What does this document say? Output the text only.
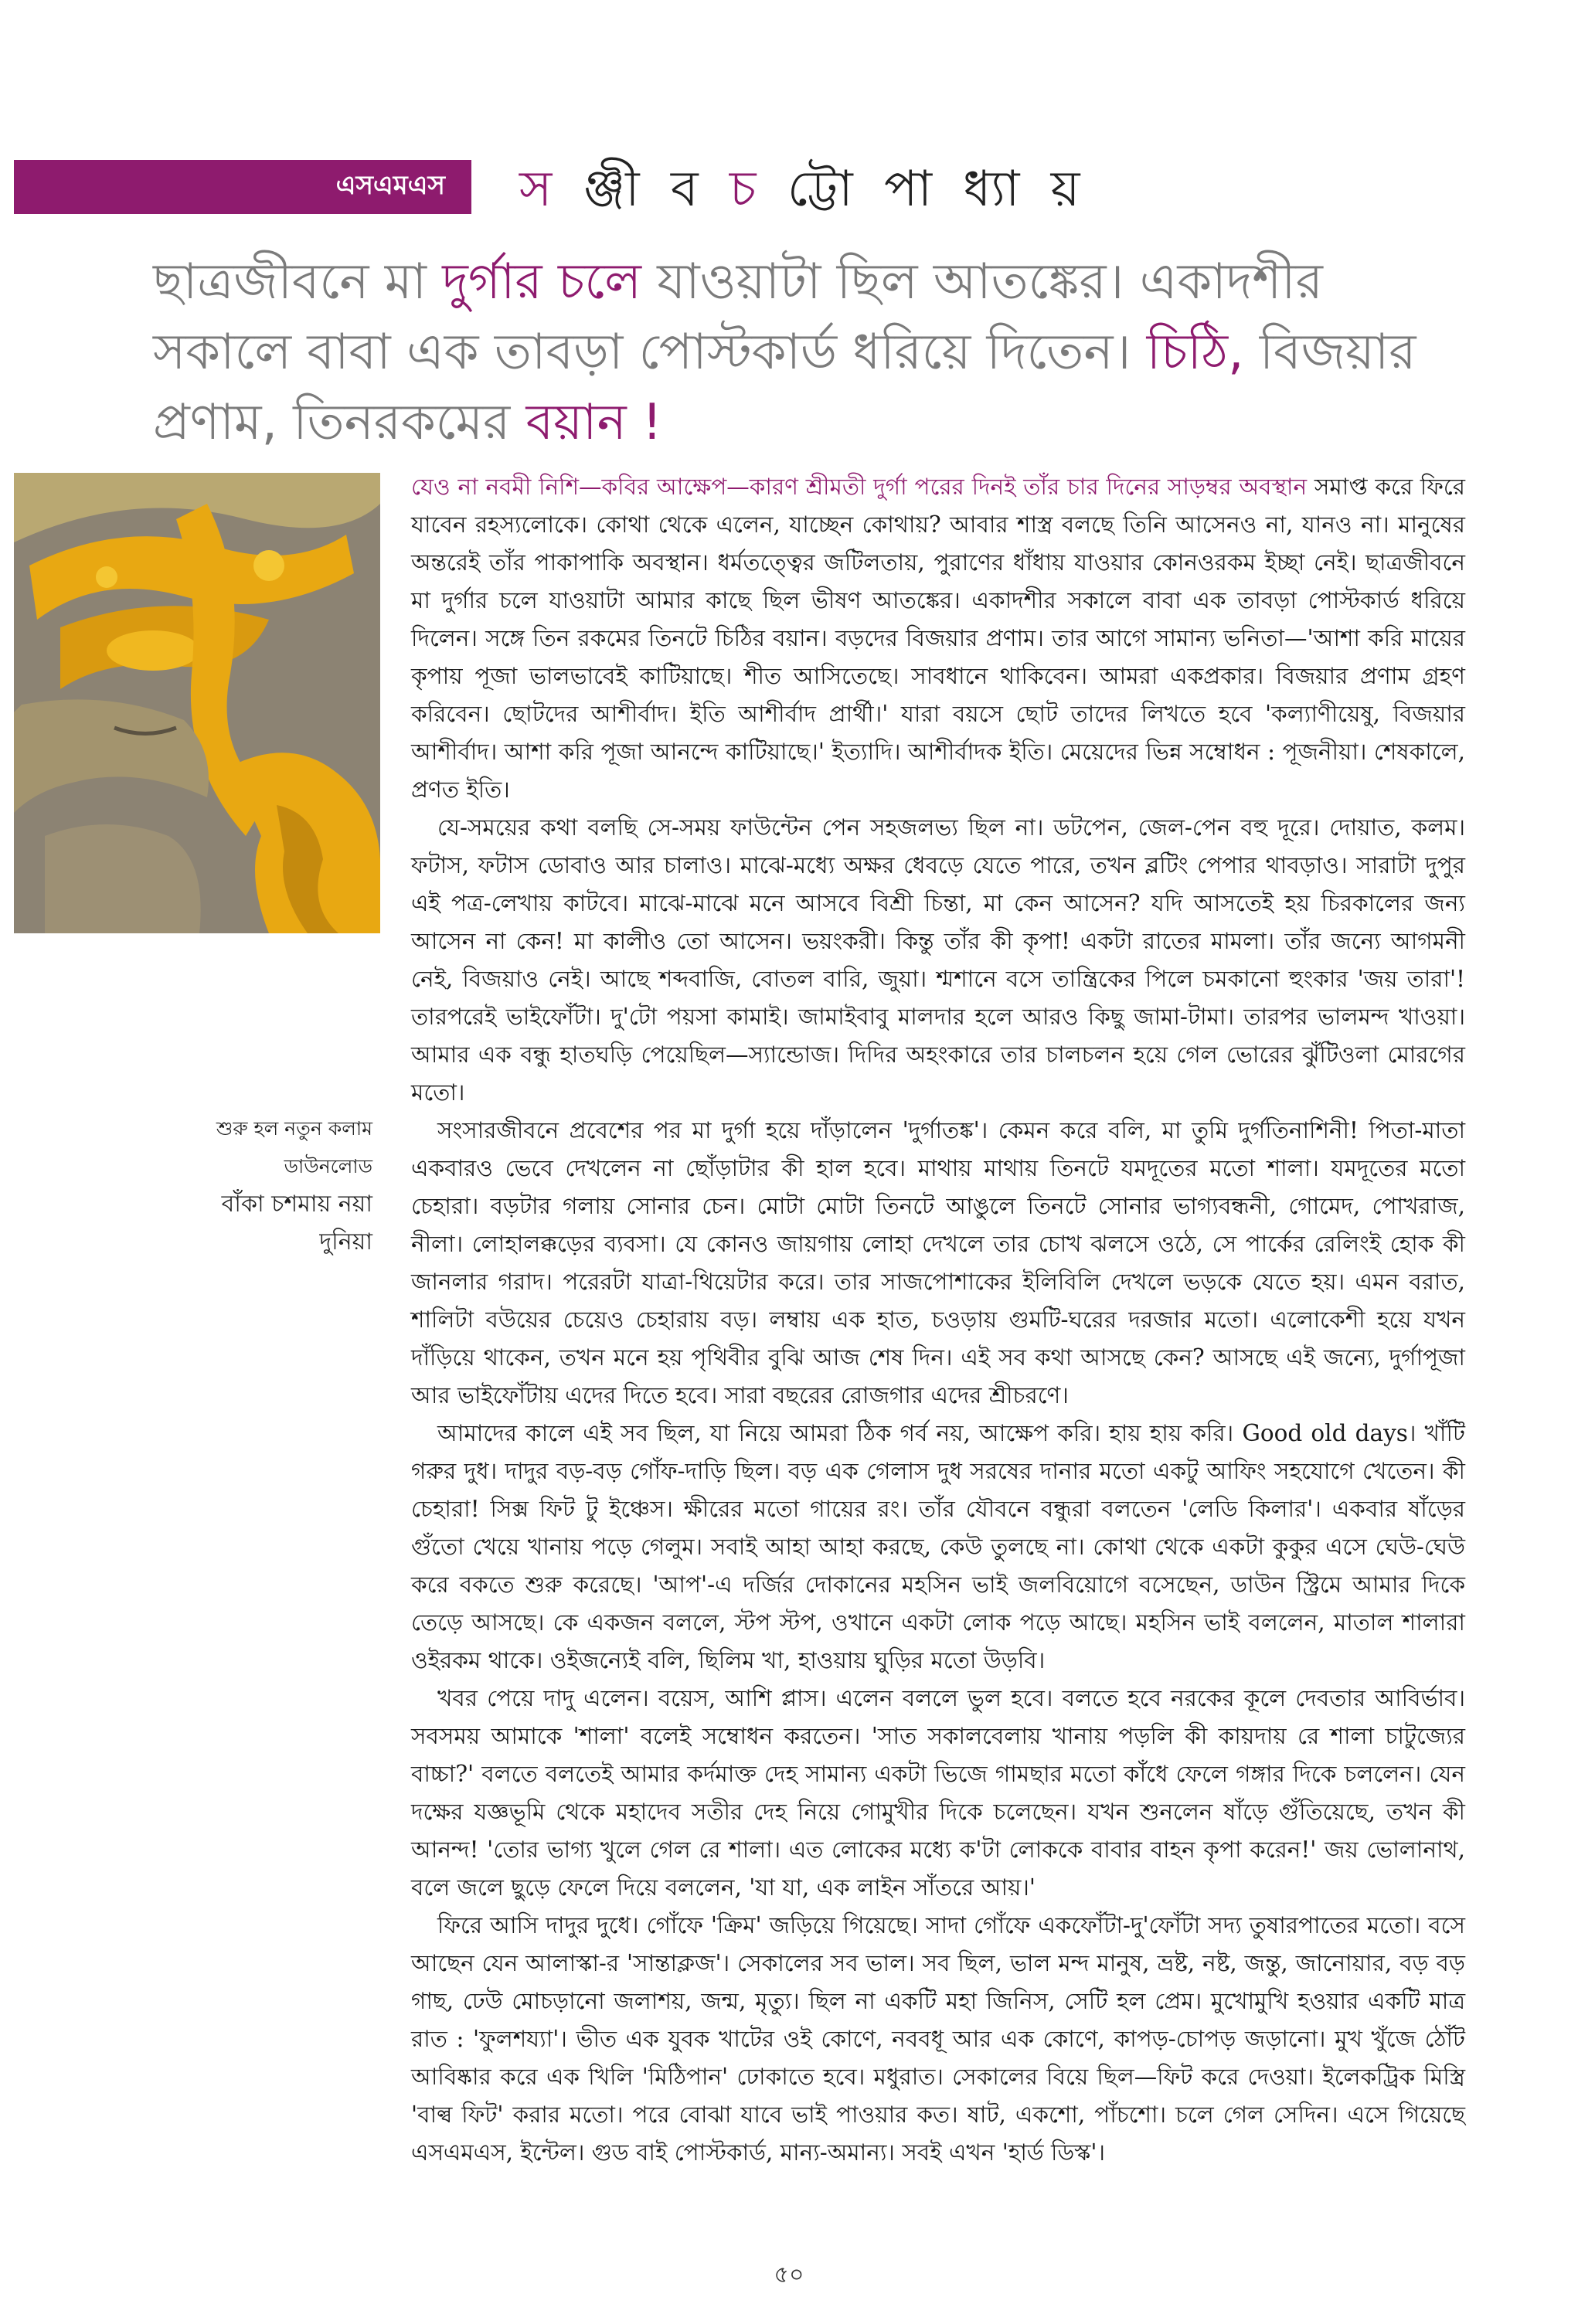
এসএমএস স ঞ্জী ব চ ট্টো পা ধ্যা য়
ছাত্রজীবনে মা দুর্গার চলে যাওয়াটা ছিল আতঙ্কের। একাদশীর সকালে বাবা এক তাবড়া পোস্টকার্ড ধরিয়ে দিতেন। চিঠি, বিজয়ার প্রণাম, তিনরকমের বয়ান !
শুরু হল নতুন কলাম
ডাউনলোড
বাঁকা চশমায় নয়া
দুনিয়া

যেও না নবমী নিশি—কবির আক্ষেপ—কারণ শ্রীমতী দুর্গা পরের দিনই তাঁর চার দিনের সাড়ম্বর অবস্থান সমাপ্ত করে ফিরে যাবেন রহস্যলোকে। কোথা থেকে এলেন, যাচ্ছেন কোথায়? আবার শাস্ত্র বলছে তিনি আসেনও না, যানও না। মানুষের অন্তরেই তাঁর পাকাপাকি অবস্থান। ধর্মতত্ত্বের জটিলতায়, পুরাণের ধাঁধায় যাওয়ার কোনওরকম ইচ্ছা নেই। ছাত্রজীবনে মা দুর্গার চলে যাওয়াটা আমার কাছে ছিল ভীষণ আতঙ্কের। একাদশীর সকালে বাবা এক তাবড়া পোস্টকার্ড ধরিয়ে দিলেন। সঙ্গে তিন রকমের তিনটে চিঠির বয়ান। বড়দের বিজয়ার প্রণাম। তার আগে সামান্য ভনিতা—'আশা করি মায়ের কৃপায় পূজা ভালভাবেই কাটিয়াছে। শীত আসিতেছে। সাবধানে থাকিবেন। আমরা একপ্রকার। বিজয়ার প্রণাম গ্রহণ করিবেন। ছোটদের আশীর্বাদ। ইতি আশীর্বাদ প্রার্থী।' যারা বয়সে ছোট তাদের লিখতে হবে 'কল্যাণীয়েষু, বিজয়ার আশীর্বাদ। আশা করি পূজা আনন্দে কাটিয়াছে।' ইত্যাদি। আশীর্বাদক ইতি। মেয়েদের ভিন্ন সম্বোধন : পূজনীয়া। শেষকালে, প্রণত ইতি।

যে-সময়ের কথা বলছি সে-সময় ফাউন্টেন পেন সহজলভ্য ছিল না। ডটপেন, জেল-পেন বহু দূরে। দোয়াত, কলম। ফটাস, ফটাস ডোবাও আর চালাও। মাঝে-মধ্যে অক্ষর ধেবড়ে যেতে পারে, তখন ব্লটিং পেপার থাবড়াও। সারাটা দুপুর এই পত্র-লেখায় কাটবে। মাঝে-মাঝে মনে আসবে বিশ্রী চিন্তা, মা কেন আসেন? যদি আসতেই হয় চিরকালের জন্য আসেন না কেন! মা কালীও তো আসেন। ভয়ংকরী। কিন্তু তাঁর কী কৃপা! একটা রাতের মামলা। তাঁর জন্যে আগমনী নেই, বিজয়াও নেই। আছে শব্দবাজি, বোতল বারি, জুয়া। শ্মশানে বসে তান্ত্রিকের পিলে চমকানো হুংকার 'জয় তারা'! তারপরেই ভাইফোঁটা। দু'টো পয়সা কামাই। জামাইবাবু মালদার হলে আরও কিছু জামা-টামা। তারপর ভালমন্দ খাওয়া। আমার এক বন্ধু হাতঘড়ি পেয়েছিল—স্যান্ডোজ। দিদির অহংকারে তার চালচলন হয়ে গেল ভোরের ঝুঁটিওলা মোরগের মতো।

সংসারজীবনে প্রবেশের পর মা দুর্গা হয়ে দাঁড়ালেন 'দুর্গাতঙ্ক'। কেমন করে বলি, মা তুমি দুর্গতিনাশিনী! পিতা-মাতা একবারও ভেবে দেখলেন না ছোঁড়াটার কী হাল হবে। মাথায় মাথায় তিনটে যমদূতের মতো শালা। যমদূতের মতো চেহারা। বড়টার গলায় সোনার চেন। মোটা মোটা তিনটে আঙুলে তিনটে সোনার ভাগ্যবন্ধনী, গোমেদ, পোখরাজ, নীলা। লোহালক্কড়ের ব্যবসা। যে কোনও জায়গায় লোহা দেখলে তার চোখ ঝলসে ওঠে, সে পার্কের রেলিংই হোক কী জানলার গরাদ। পরেরটা যাত্রা-থিয়েটার করে। তার সাজপোশাকের ইলিবিলি দেখলে ভড়কে যেতে হয়। এমন বরাত, শালিটা বউয়ের চেয়েও চেহারায় বড়। লম্বায় এক হাত, চওড়ায় গুমটি-ঘরের দরজার মতো। এলোকেশী হয়ে যখন দাঁড়িয়ে থাকেন, তখন মনে হয় পৃথিবীর বুঝি আজ শেষ দিন। এই সব কথা আসছে কেন? আসছে এই জন্যে, দুর্গাপূজা আর ভাইফোঁটায় এদের দিতে হবে। সারা বছরের রোজগার এদের শ্রীচরণে।

আমাদের কালে এই সব ছিল, যা নিয়ে আমরা ঠিক গর্ব নয়, আক্ষেপ করি। হায় হায় করি। Good old days। খাঁটি গরুর দুধ। দাদুর বড়-বড় গোঁফ-দাড়ি ছিল। বড় এক গেলাস দুধ সরষের দানার মতো একটু আফিং সহযোগে খেতেন। কী চেহারা! সিক্স ফিট টু ইঞ্চেস। ক্ষীরের মতো গায়ের রং। তাঁর যৌবনে বন্ধুরা বলতেন 'লেডি কিলার'। একবার ষাঁড়ের গুঁতো খেয়ে খানায় পড়ে গেলুম। সবাই আহা আহা করছে, কেউ তুলছে না। কোথা থেকে একটা কুকুর এসে ঘেউ-ঘেউ করে বকতে শুরু করেছে। 'আপ'-এ দর্জির দোকানের মহসিন ভাই জলবিয়োগে বসেছেন, ডাউন স্ট্রিমে আমার দিকে তেড়ে আসছে। কে একজন বললে, স্টপ স্টপ, ওখানে একটা লোক পড়ে আছে। মহসিন ভাই বললেন, মাতাল শালারা ওইরকম থাকে। ওইজন্যেই বলি, ছিলিম খা, হাওয়ায় ঘুড়ির মতো উড়বি।

খবর পেয়ে দাদু এলেন। বয়েস, আশি প্লাস। এলেন বললে ভুল হবে। বলতে হবে নরকের কূলে দেবতার আবির্ভাব। সবসময় আমাকে 'শালা' বলেই সম্বোধন করতেন। 'সাত সকালবেলায় খানায় পড়লি কী কায়দায় রে শালা চাটুজ্যের বাচ্চা?' বলতে বলতেই আমার কর্দমাক্ত দেহ সামান্য একটা ভিজে গামছার মতো কাঁধে ফেলে গঙ্গার দিকে চললেন। যেন দক্ষের যজ্ঞভূমি থেকে মহাদেব সতীর দেহ নিয়ে গোমুখীর দিকে চলেছেন। যখন শুনলেন ষাঁড়ে গুঁতিয়েছে, তখন কী আনন্দ! 'তোর ভাগ্য খুলে গেল রে শালা। এত লোকের মধ্যে ক'টা লোককে বাবার বাহন কৃপা করেন!' জয় ভোলানাথ, বলে জলে ছুড়ে ফেলে দিয়ে বললেন, 'যা যা, এক লাইন সাঁতরে আয়।'

ফিরে আসি দাদুর দুধে। গোঁফে 'ক্রিম' জড়িয়ে গিয়েছে। সাদা গোঁফে একফোঁটা-দু'ফোঁটা সদ্য তুষারপাতের মতো। বসে আছেন যেন আলাস্কা-র 'সান্তাক্লজ'। সেকালের সব ভাল। সব ছিল, ভাল মন্দ মানুষ, ভ্রষ্ট, নষ্ট, জন্তু, জানোয়ার, বড় বড় গাছ, ঢেউ মোচড়ানো জলাশয়, জন্ম, মৃত্যু। ছিল না একটি মহা জিনিস, সেটি হল প্রেম। মুখোমুখি হওয়ার একটি মাত্র রাত : 'ফুলশয্যা'। ভীত এক যুবক খাটের ওই কোণে, নববধূ আর এক কোণে, কাপড়-চোপড় জড়ানো। মুখ খুঁজে ঠোঁট আবিষ্কার করে এক খিলি 'মিঠিপান' ঢোকাতে হবে। মধুরাত। সেকালের বিয়ে ছিল—ফিট করে দেওয়া। ইলেকট্রিক মিস্ত্রি 'বাল্ব ফিট' করার মতো। পরে বোঝা যাবে ভাই পাওয়ার কত। ষাট, একশো, পাঁচশো। চলে গেল সেদিন। এসে গিয়েছে এসএমএস, ইন্টেল। গুড বাই পোস্টকার্ড, মান্য-অমান্য। সবই এখন 'হার্ড ডিস্ক'।

৫০
